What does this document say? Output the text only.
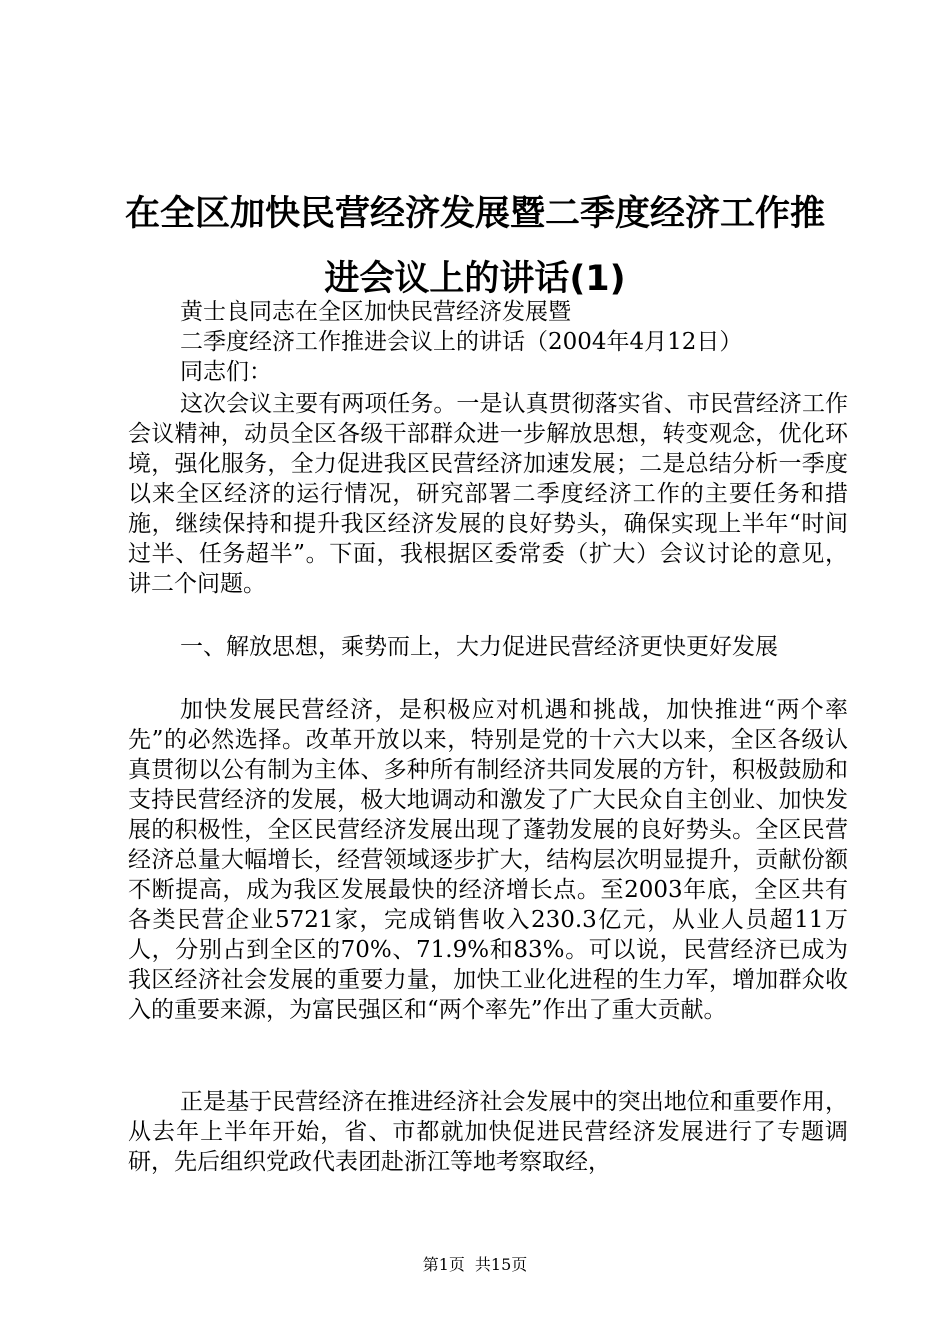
在全区加快民营经济发展暨二季度经济工作推
进会议上的讲话(1)

黄士良同志在全区加快民营经济发展暨

二季度经济工作推进会议上的讲话（2004年4月12日）

同志们：

这次会议主要有两项任务。一是认真贯彻落实省、市民营经济工作会议精神，动员全区各级干部群众进一步解放思想，转变观念，优化环境，强化服务，全力促进我区民营经济加速发展；二是总结分析一季度以来全区经济的运行情况，研究部署二季度经济工作的主要任务和措施，继续保持和提升我区经济发展的良好势头，确保实现上半年“时间过半、任务超半”。下面，我根据区委常委（扩大）会议讨论的意见，讲二个问题。

一、解放思想，乘势而上，大力促进民营经济更快更好发展

加快发展民营经济，是积极应对机遇和挑战，加快推进“两个率先”的必然选择。改革开放以来，特别是党的十六大以来，全区各级认真贯彻以公有制为主体、多种所有制经济共同发展的方针，积极鼓励和支持民营经济的发展，极大地调动和激发了广大民众自主创业、加快发展的积极性，全区民营经济发展出现了蓬勃发展的良好势头。全区民营经济总量大幅增长，经营领域逐步扩大，结构层次明显提升，贡献份额不断提高，成为我区发展最快的经济增长点。至2003年底，全区共有各类民营企业5721家，完成销售收入230.3亿元，从业人员超11万人，分别占到全区的70%、71.9%和83%。可以说，民营经济已成为我区经济社会发展的重要力量，加快工业化进程的生力军，增加群众收入的重要来源，为富民强区和“两个率先”作出了重大贡献。

正是基于民营经济在推进经济社会发展中的突出地位和重要作用，从去年上半年开始，省、市都就加快促进民营经济发展进行了专题调研，先后组织党政代表团赴浙江等地考察取经，

第1页 共15页
